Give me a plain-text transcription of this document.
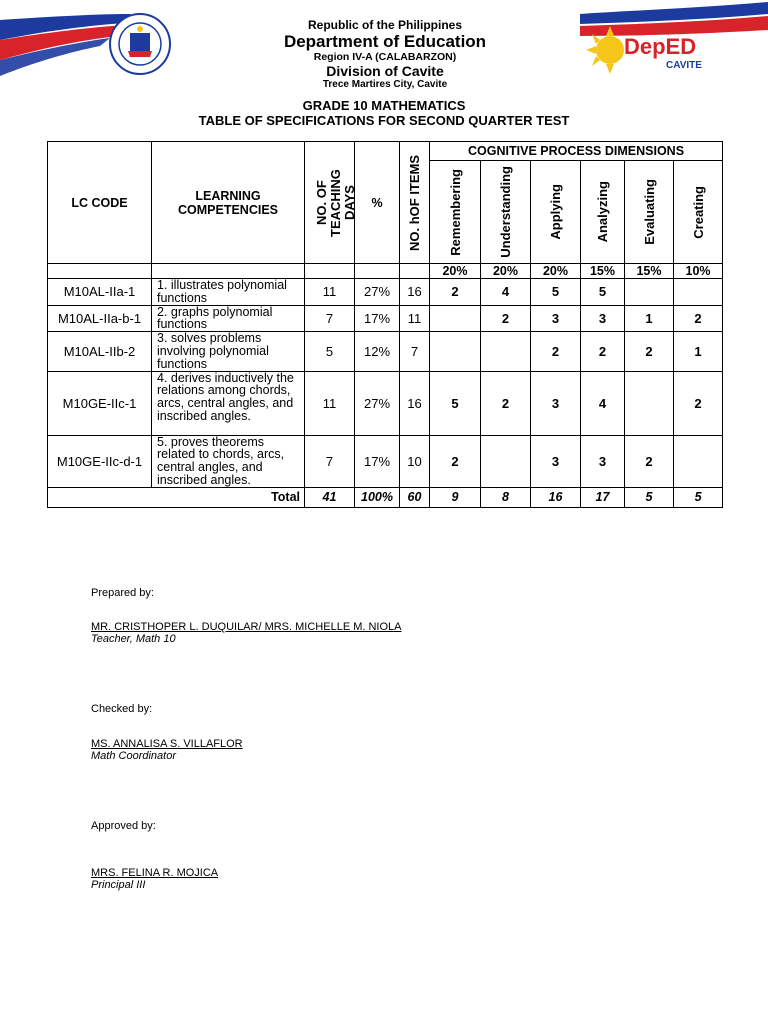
Republic of the Philippines
Department of Education
Region IV-A (CALABARZON)
Division of Cavite
Trece Martires City, Cavite
DepED
CAVITE
GRADE 10 MATHEMATICS
TABLE OF SPECIFICATIONS FOR SECOND QUARTER TEST
LC CODE	LEARNING COMPETENCIES	NO. OF TEACHING DAYS	%	NO. hOF ITEMS	COGNITIVE PROCESS DIMENSIONS					

					Remembering	Understanding	Applying	Analyzing	Evaluating	Creating

					20%	20%	20%	15%	15%	10%
M10AL-IIa-1	1. illustrates polynomial functions	11	27%	16	2	4	5	5		
M10AL-IIa-b-1	2. graphs polynomial functions	7	17%	11		2	3	3	1	2
M10AL-IIb-2	3. solves problems involving polynomial functions	5	12%	7			2	2	2	1
M10GE-IIc-1	4. derives inductively the relations among chords, arcs, central angles, and inscribed angles.	11	27%	16	5	2	3	4		2
M10GE-IIc-d-1	5. proves theorems related to chords, arcs, central angles, and inscribed angles.	7	17%	10	2		3	3	2	
Total		41	100%	60	9	8	16	17	5	5
Prepared by:
MR. CRISTHOPER L. DUQUILAR/ MRS. MICHELLE M. NIOLA
Teacher, Math 10
Checked by:
MS. ANNALISA S. VILLAFLOR
Math Coordinator
Approved by:
MRS. FELINA R. MOJICA
Principal III
